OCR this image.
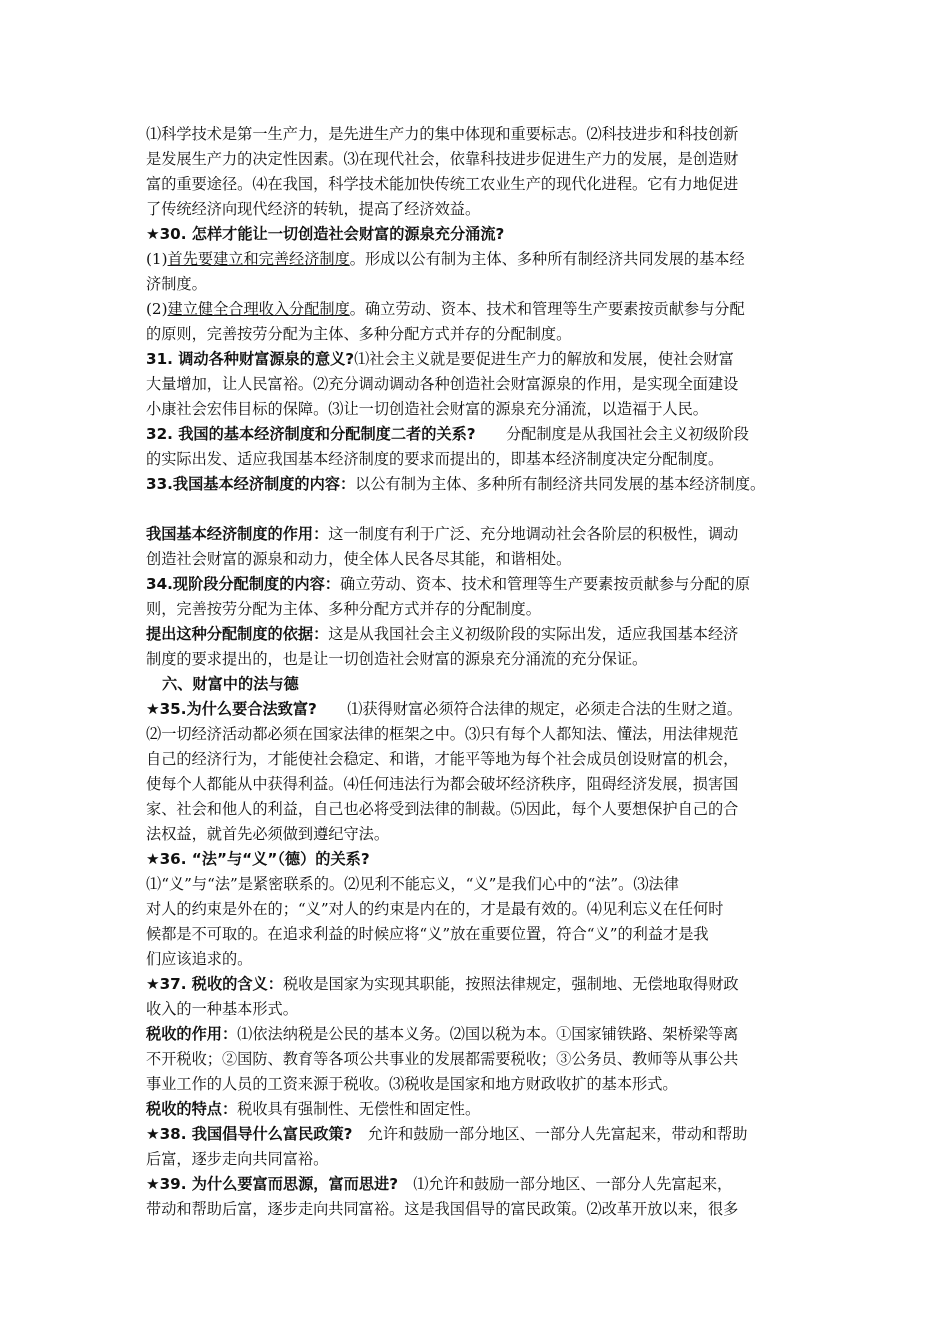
⑴科学技术是第一生产力，是先进生产力的集中体现和重要标志。⑵科技进步和科技创新
是发展生产力的决定性因素。⑶在现代社会，依靠科技进步促进生产力的发展，是创造财
富的重要途径。⑷在我国，科学技术能加快传统工农业生产的现代化进程。它有力地促进
了传统经济向现代经济的转轨，提高了经济效益。
★30. 怎样才能让一切创造社会财富的源泉充分涌流?
(1)首先要建立和完善经济制度。形成以公有制为主体、多种所有制经济共同发展的基本经
济制度。
(2)建立健全合理收入分配制度。确立劳动、资本、技术和管理等生产要素按贡献参与分配
的原则，完善按劳分配为主体、多种分配方式并存的分配制度。
31. 调动各种财富源泉的意义?⑴社会主义就是要促进生产力的解放和发展，使社会财富
大量增加，让人民富裕。⑵充分调动调动各种创造社会财富源泉的作用，是实现全面建设
小康社会宏伟目标的保障。⑶让一切创造社会财富的源泉充分涌流，以造福于人民。
32. 我国的基本经济制度和分配制度二者的关系?　　分配制度是从我国社会主义初级阶段
的实际出发、适应我国基本经济制度的要求而提出的，即基本经济制度决定分配制度。
33.我国基本经济制度的内容：以公有制为主体、多种所有制经济共同发展的基本经济制度。
我国基本经济制度的作用：这一制度有利于广泛、充分地调动社会各阶层的积极性，调动
创造社会财富的源泉和动力，使全体人民各尽其能，和谐相处。
34.现阶段分配制度的内容：确立劳动、资本、技术和管理等生产要素按贡献参与分配的原
则，完善按劳分配为主体、多种分配方式并存的分配制度。
提出这种分配制度的依据：这是从我国社会主义初级阶段的实际出发，适应我国基本经济
制度的要求提出的，也是让一切创造社会财富的源泉充分涌流的充分保证。
六、财富中的法与德
★35.为什么要合法致富?　　⑴获得财富必须符合法律的规定，必须走合法的生财之道。
⑵一切经济活动都必须在国家法律的框架之中。⑶只有每个人都知法、懂法，用法律规范
自己的经济行为，才能使社会稳定、和谐，才能平等地为每个社会成员创设财富的机会，
使每个人都能从中获得利益。⑷任何违法行为都会破坏经济秩序，阻碍经济发展，损害国
家、社会和他人的利益，自己也必将受到法律的制裁。⑸因此，每个人要想保护自己的合
法权益，就首先必须做到遵纪守法。
★36. “法”与“义”（德）的关系?
⑴“义”与“法”是紧密联系的。⑵见利不能忘义，“义”是我们心中的“法”。⑶法律
对人的约束是外在的；“义”对人的约束是内在的，才是最有效的。⑷见利忘义在任何时
候都是不可取的。在追求利益的时候应将“义”放在重要位置，符合“义”的利益才是我
们应该追求的。
★37. 税收的含义：税收是国家为实现其职能，按照法律规定，强制地、无偿地取得财政
收入的一种基本形式。
税收的作用：⑴依法纳税是公民的基本义务。⑵国以税为本。①国家铺铁路、架桥梁等离
不开税收；②国防、教育等各项公共事业的发展都需要税收；③公务员、教师等从事公共
事业工作的人员的工资来源于税收。⑶税收是国家和地方财政收扩的基本形式。
税收的特点：税收具有强制性、无偿性和固定性。
★38. 我国倡导什么富民政策?　允许和鼓励一部分地区、一部分人先富起来，带动和帮助
后富，逐步走向共同富裕。
★39. 为什么要富而思源，富而思进?　⑴允许和鼓励一部分地区、一部分人先富起来，
带动和帮助后富，逐步走向共同富裕。这是我国倡导的富民政策。⑵改革开放以来，很多
